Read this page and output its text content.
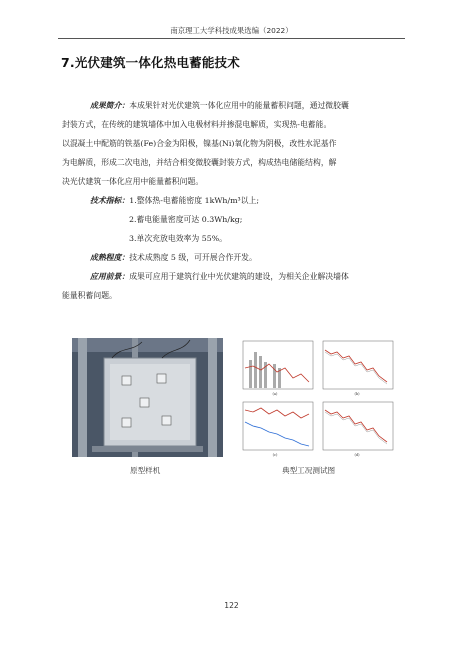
南京理工大学科技成果选编（2022）
7.光伏建筑一体化热电蓄能技术

成果简介：本成果针对光伏建筑一体化应用中的能量蓄积问题，通过微胶囊
封装方式，在传统的建筑墙体中加入电极材料并掺混电解质，实现热-电蓄能。
以混凝土中配筋的铁基(Fe)合金为阳极，镍基(Ni)氧化物为阴极，改性水泥基作
为电解质，形成二次电池，并结合相变微胶囊封装方式，构成热电储能结构，解
决光伏建筑一体化应用中能量蓄积问题。

技术指标：1.整体热-电蓄能密度 1kWh/m³以上;
2.蓄电能量密度可达 0.3Wh/kg;
3.单次充放电效率为 55%。

成熟程度：技术成熟度 5 级，可开展合作开发。

应用前景：成果可应用于建筑行业中光伏建筑的建设，为相关企业解决墙体
能量积蓄问题。

原型样机
(a)	(b)
(c)	(d)
典型工况测试图
122
